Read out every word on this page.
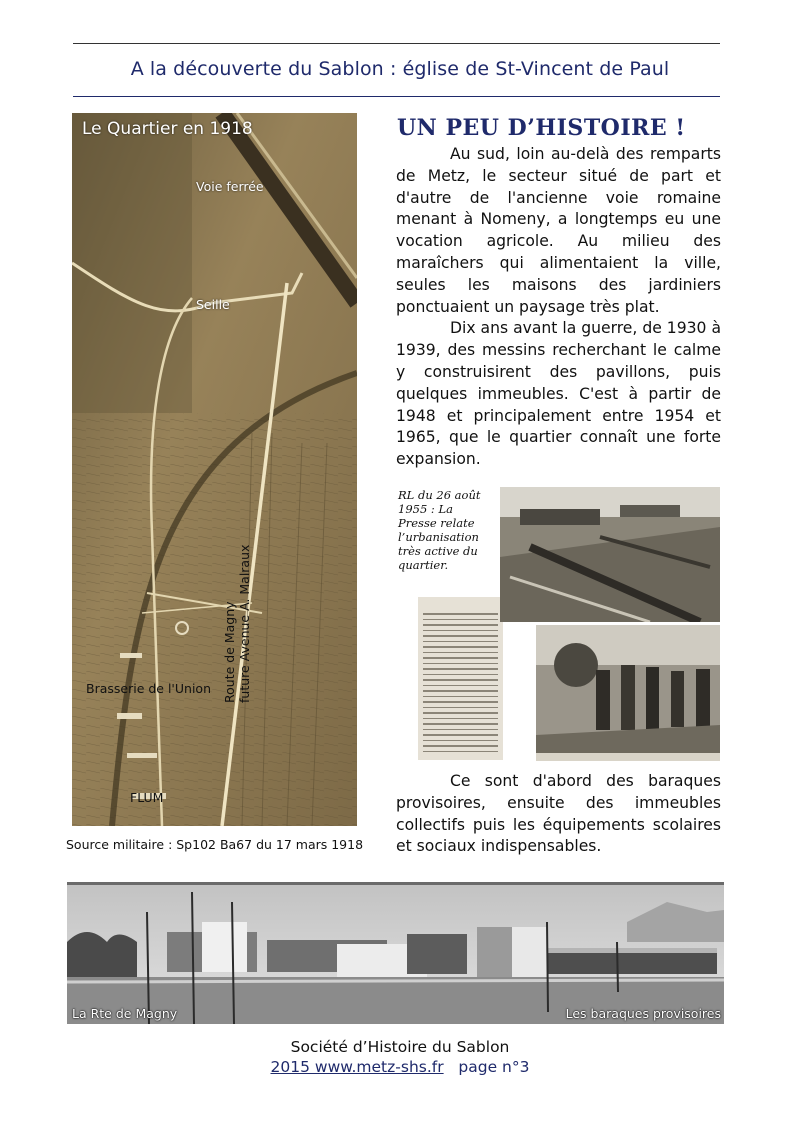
A la découverte du Sablon : église de St-Vincent de Paul
Le Quartier en 1918
Voie ferrée
Seille
Route de Magny future Avenue A. Malraux
Brasserie de l'Union
FLUM
Source militaire : Sp102 Ba67 du 17 mars 1918
UN PEU D’HISTOIRE !

Au sud, loin au-delà des remparts de Metz, le secteur situé de part et d'autre de l'ancienne voie romaine menant à Nomeny, a longtemps eu une vocation agricole. Au milieu des maraîchers qui alimentaient la ville, seules les maisons des jardiniers ponctuaient un paysage très plat.

Dix ans avant la guerre, de 1930 à 1939, des messins recherchant le calme y construisirent des pavillons, puis quelques immeubles. C'est à partir de 1948 et principalement entre 1954 et 1965, que le quartier connaît une forte expansion.

RL du 26 août 1955 : La Presse relate l’urbanisation très active du quartier.

Ce sont d'abord des baraques provisoires, ensuite des immeubles collectifs puis les équipements scolaires et sociaux indispensables.

La Rte de Magny	Les baraques provisoires
Société d’Histoire du Sablon
2015 www.metz-shs.fr page n°3
